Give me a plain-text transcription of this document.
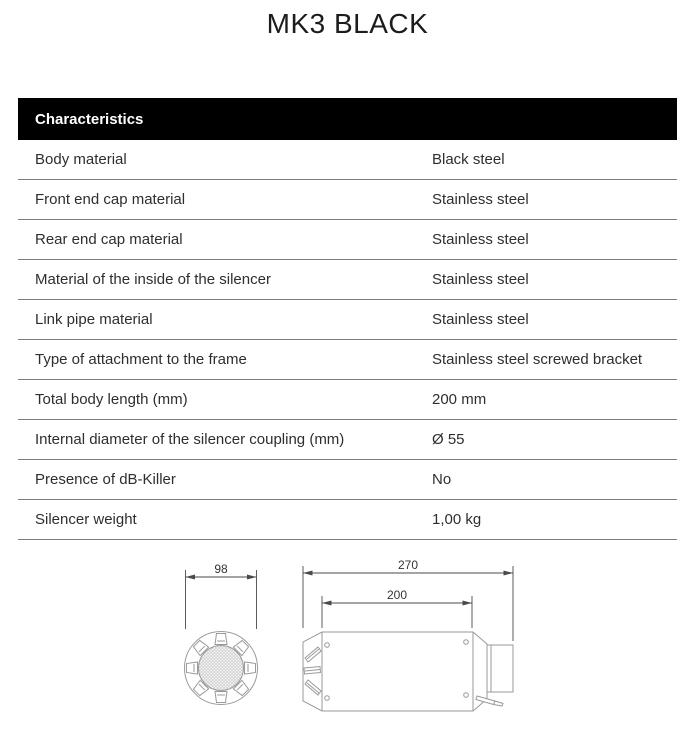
MK3 BLACK
Characteristics
Body material	Black steel
Front end cap material	Stainless steel
Rear end cap material	Stainless steel
Material of the inside of the silencer	Stainless steel
Link pipe material	Stainless steel
Type of attachment to the frame	Stainless steel screwed bracket
Total body length (mm)	200 mm
Internal diameter of the silencer coupling (mm)	Ø 55
Presence of dB-Killer	No
Silencer weight	1,00 kg
98	270
200
